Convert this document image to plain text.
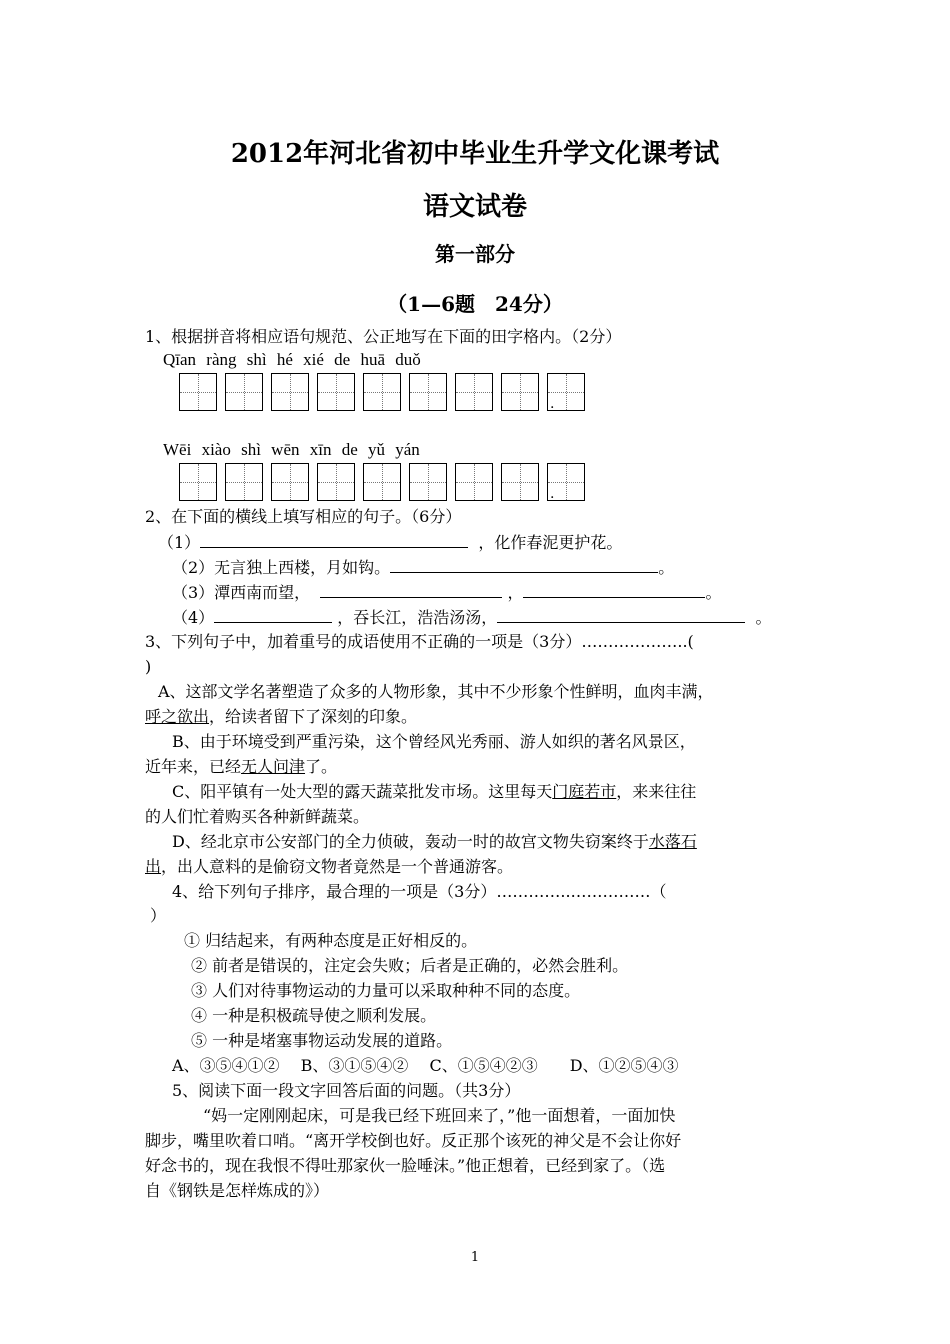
2012年河北省初中毕业生升学文化课考试
语文试卷
第一部分
（1—6题　24分）
1、根据拼音将相应语句规范、公正地写在下面的田字格内。（2分）
Qīan ràng shì hé xié de huā duǒ
.
Wēi xiào shì wēn xīn de yǔ yán
.
2、在下面的横线上填写相应的句子。（6分）
（1）	，化作春泥更护花。
（2）无言独上西楼，月如钩。	。
（3）潭西南而望，	，	。
（4）	，吞长江，浩浩汤汤，	。
3、下列句子中，加着重号的成语使用不正确的一项是（3分）………………..(
)
A、这部文学名著塑造了众多的人物形象，其中不少形象个性鲜明，血肉丰满，
呼之欲出，给读者留下了深刻的印象。
B、由于环境受到严重污染，这个曾经风光秀丽、游人如织的著名风景区，
近年来，已经无人问津了。
C、阳平镇有一处大型的露天蔬菜批发市场。这里每天门庭若市，来来往往
的人们忙着购买各种新鲜蔬菜。
D、经北京市公安部门的全力侦破，轰动一时的故宫文物失窃案终于水落石
出，出人意料的是偷窃文物者竟然是一个普通游客。
4、给下列句子排序，最合理的一项是（3分）…………..……………（
）
① 归结起来，有两种态度是正好相反的。
② 前者是错误的，注定会失败；后者是正确的，必然会胜利。
③ 人们对待事物运动的力量可以采取种种不同的态度。
④ 一种是积极疏导使之顺利发展。
⑤ 一种是堵塞事物运动发展的道路。
A、③⑤④①②　 B、③①⑤④②　 C、①⑤④②③　　D、①②⑤④③
5、阅读下面一段文字回答后面的问题。（共3分）
“妈一定刚刚起床，可是我已经下班回来了，”他一面想着，一面加快
脚步，嘴里吹着口哨。“离开学校倒也好。反正那个该死的神父是不会让你好
好念书的，现在我恨不得吐那家伙一脸唾沫。”他正想着，已经到家了。（选
自《钢铁是怎样炼成的》）
1
